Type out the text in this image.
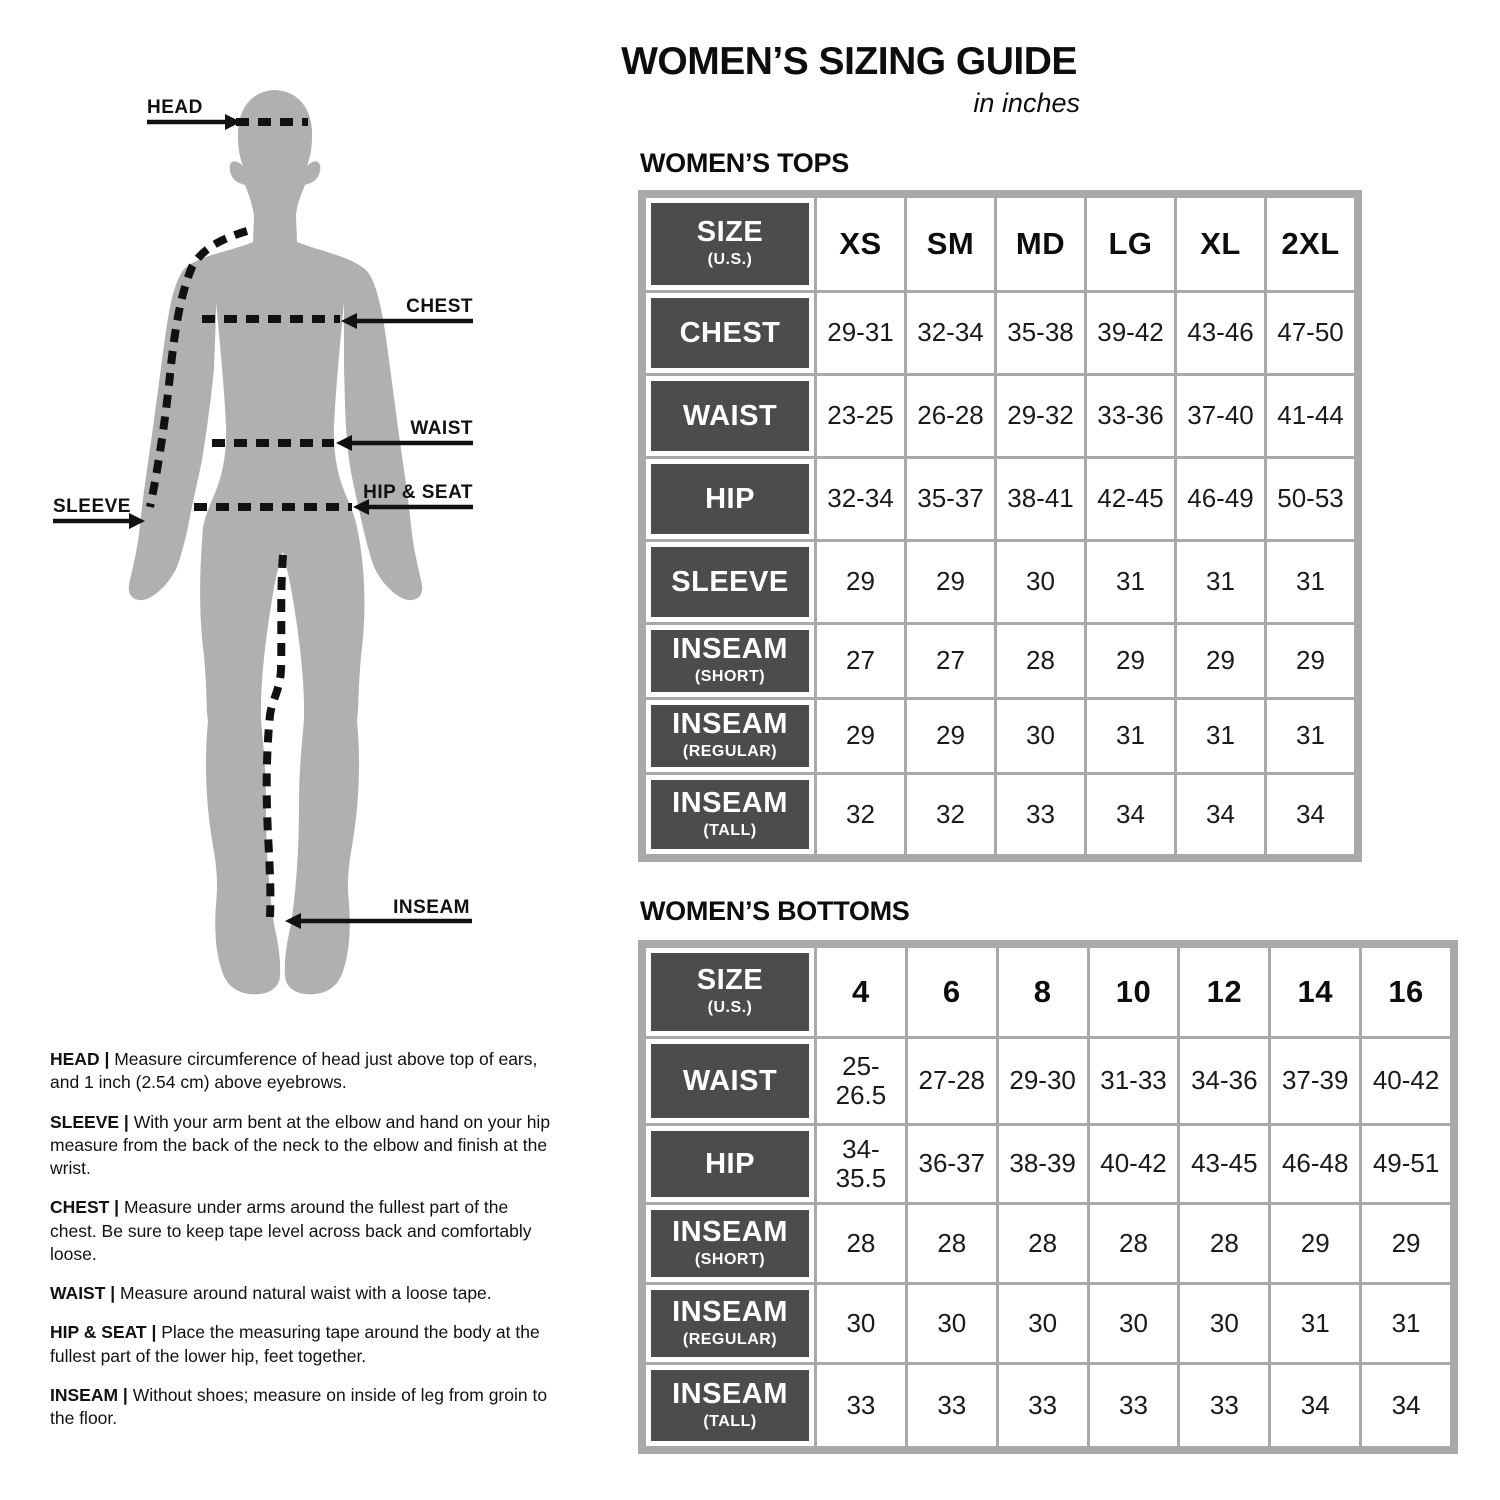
HEAD
CHEST
WAIST
SLEEVE
HIP & SEAT
INSEAM

HEAD | Measure circumference of head just above top of ears, and 1 inch (2.54 cm) above eyebrows.

SLEEVE | With your arm bent at the elbow and hand on your hip measure from the back of the neck to the elbow and finish at the wrist.

CHEST | Measure under arms around the fullest part of the chest. Be sure to keep tape level across back and comfortably loose.

WAIST | Measure around natural waist with a loose tape.

HIP & SEAT | Place the measuring tape around the body at the fullest part of the lower hip, feet together.

INSEAM | Without shoes; measure on inside of leg from groin to the floor.

WOMEN’S SIZING GUIDE
in inches
WOMEN’S TOPS
SIZE
(U.S.)	XS	SM	MD	LG	XL	2XL
CHEST	29-31 32-34 35-38 39-42 43-46 47-50
WAIST	23-25 26-28 29-32 33-36 37-40 41-44
HIP	32-34 35-37 38-41 42-45 46-49 50-53
SLEEVE	29	29	30	31	31	31
INSEAM
(SHORT)
27	27	28	29	29	29
INSEAM
(REGULAR)
29	29	30	31	31	31
INSEAM
(TALL)
32	32	33	34	34	34
WOMEN’S BOTTOMS
SIZE
(U.S.)	4	6	8	10	12	14	16
WAIST	25-26.5	27-28 29-30 31-33 34-36 37-39 40-42
HIP	34-35.5	36-37 38-39 40-42 43-45 46-48 49-51
INSEAM
(SHORT)
28	28	28	28	28	29	29
INSEAM
(REGULAR)
30	30	30	30	30	31	31
INSEAM
(TALL)
33	33	33	33	33	34	34
